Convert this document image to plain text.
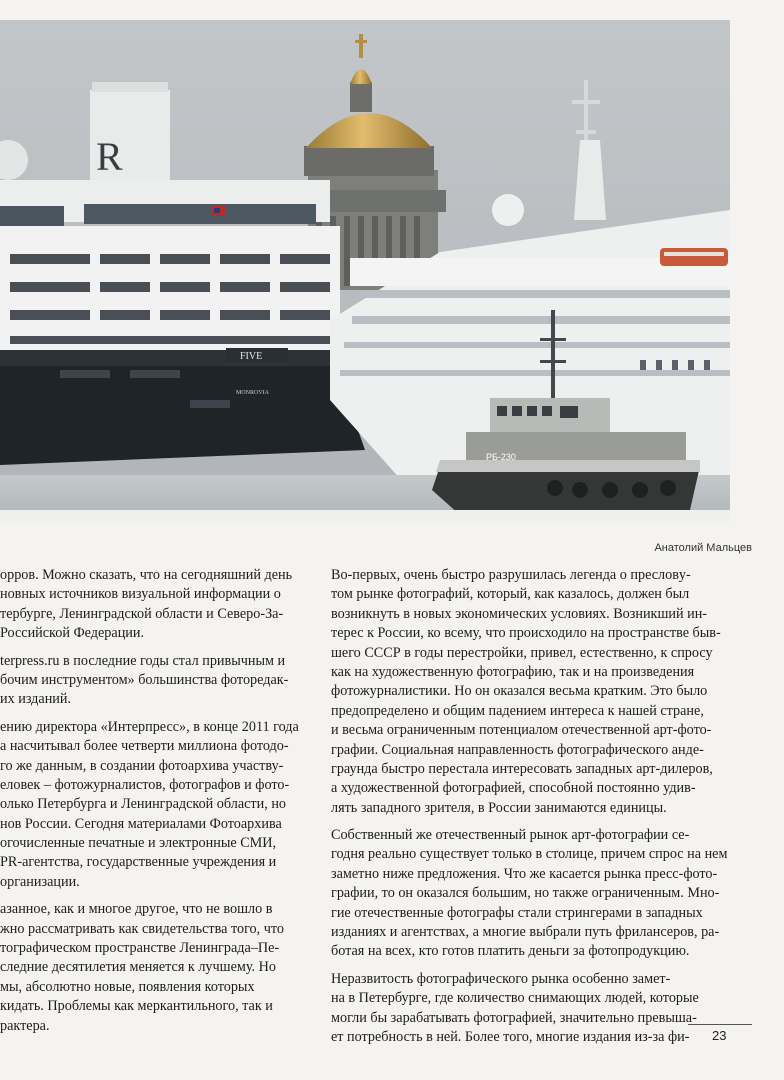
R
FIVE
MONROVIA
РБ-230
Анатолий Мальцев

орров. Можно сказать, что на сегодняшний день
новных источников визуальной информации о
тербурге, Ленинградской области и Северо-За-
Российской Федерации.

terpress.ru в последние годы стал привычным и
бочим инструментом» большинства фоторедак-
их изданий.

ению директора «Интерпресс», в конце 2011 года
а насчитывал более четверти миллиона фотодо-
го же данным, в создании фотоархива участву-
еловек – фотожурналистов, фотографов и фото-
олько Петербурга и Ленинградской области, но
нов России. Сегодня материалами Фотоархива
огочисленные печатные и электронные СМИ,
PR-агентства, государственные учреждения и
организации.

азанное, как и многое другое, что не вошло в
жно рассматривать как свидетельства того, что
тографическом пространстве Ленинграда–Пе-
следние десятилетия меняется к лучшему. Но
мы, абсолютно новые, появления которых
кидать. Проблемы как меркантильного, так и
рактера.

Во-первых, очень быстро разрушилась легенда о пресловy-
том рынке фотографий, который, как казалось, должен был
возникнуть в новых экономических условиях. Возникший ин-
терес к России, ко всему, что происходило на пространстве быв-
шего СССР в годы перестройки, привел, естественно, к спросу
как на художественную фотографию, так и на произведения
фотожурналистики. Но он оказался весьма кратким. Это было
предопределено и общим падением интереса к нашей стране,
и весьма ограниченным потенциалом отечественной арт-фото-
графии. Социальная направленность фотографического анде-
граунда быстро перестала интересовать западных арт-дилеров,
а художественной фотографией, способной постоянно удив-
лять западного зрителя, в России занимаются единицы.

Собственный же отечественный рынок арт-фотографии се-
годня реально существует только в столице, причем спрос на нем
заметно ниже предложения. Что же касается рынка пресс-фото-
графии, то он оказался большим, но также ограниченным. Мно-
гие отечественные фотографы стали стрингерами в западных
изданиях и агентствах, а многие выбрали путь фрилансеров, ра-
ботая на всех, кто готов платить деньги за фотопродукцию.

Неразвитость фотографического рынка особенно замет-
на в Петербурге, где количество снимающих людей, которые
могли бы зарабатывать фотографией, значительно превыша-
ет потребность в ней. Более того, многие издания из-за фи-	23
